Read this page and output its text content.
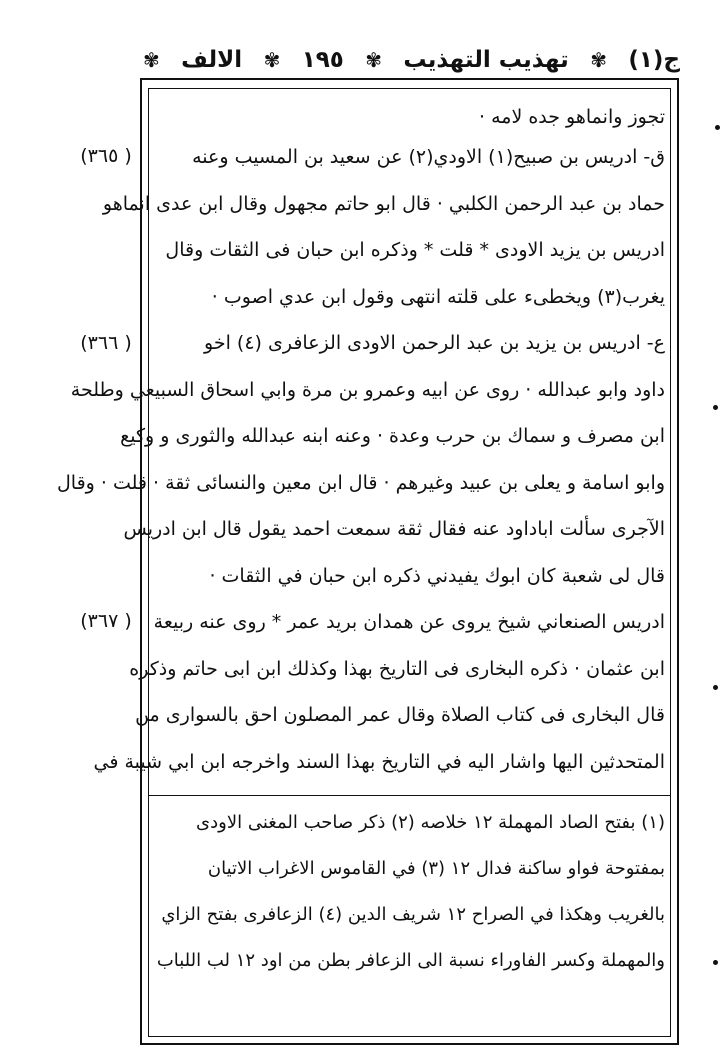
ج(١)
✾
تهذيب التهذيب
✾
١٩٥
✾
الالف
✾
( ٣٦٥)
( ٣٦٦)
( ٣٦٧)
تجوز وانماهو جده لامه ·
ق- ادريس بن صبيح(١) الاودي(٢) عن سعيد بن المسيب وعنه
حماد بن عبد الرحمن الكلبي · قال ابو حاتم مجهول وقال ابن عدى انماهو
ادريس بن يزيد الاودى * قلت * وذكره ابن حبان فى الثقات وقال
يغرب(٣) ويخطىء على قلته انتهى وقول ابن عدي اصوب ·
ع- ادريس بن يزيد بن عبد الرحمن الاودى الزعافرى (٤) اخو
داود وابو عبدالله · روى عن ابيه وعمرو بن مرة وابي اسحاق السبيعي وطلحة
ابن مصرف و سماك بن حرب وعدة · وعنه ابنه عبدالله والثورى و وكيع
وابو اسامة و يعلى بن عبيد وغيرهم · قال ابن معين والنسائى ثقة · قلت · وقال
الآجرى سألت اباداود عنه فقال ثقة سمعت احمد يقول قال ابن ادريس
قال لى شعبة كان ابوك يفيدني ذكره ابن حبان في الثقات ·
ادريس الصنعاني شيخ يروى عن همدان بريد عمر * روى عنه ربيعة
ابن عثمان · ذكره البخارى فى التاريخ بهذا وكذلك ابن ابى حاتم وذكره
قال البخارى فى كتاب الصلاة وقال عمر المصلون احق بالسوارى من
المتحدثين اليها واشار اليه في التاريخ بهذا السند واخرجه ابن ابي شيبة في
(١) بفتح الصاد المهملة ١٢ خلاصه (٢) ذكر صاحب المغنى الاودى
بمفتوحة فواو ساكنة فدال ١٢ (٣) في القاموس الاغراب الاتيان
بالغريب وهكذا في الصراح ١٢ شريف الدين (٤) الزعافرى بفتح الزاي
والمهملة وكسر الفاوراء نسبة الى الزعافر بطن من اود ١٢ لب اللباب
